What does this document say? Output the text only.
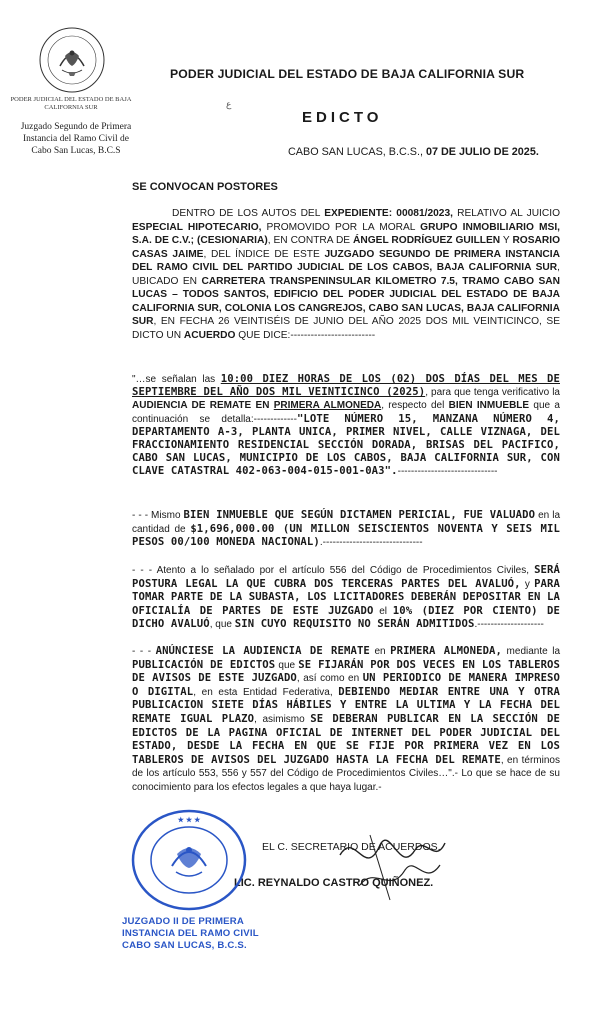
PODER JUDICIAL DEL ESTADO DE BAJA
CALIFORNIA SUR
Juzgado Segundo de Primera
Instancia del Ramo Civil de
Cabo San Lucas, B.C.S
PODER JUDICIAL DEL ESTADO DE BAJA CALIFORNIA SUR
ع
EDICTO
CABO SAN LUCAS, B.C.S., 07 DE JULIO DE 2025.
SE CONVOCAN POSTORES
DENTRO DE LOS AUTOS DEL EXPEDIENTE: 00081/2023, RELATIVO AL JUICIO ESPECIAL HIPOTECARIO, PROMOVIDO POR LA MORAL GRUPO INMOBILIARIO MSI, S.A. DE C.V.; (CESIONARIA), EN CONTRA DE ÁNGEL RODRÍGUEZ GUILLEN Y ROSARIO CASAS JAIME, DEL ÍNDICE DE ESTE JUZGADO SEGUNDO DE PRIMERA INSTANCIA DEL RAMO CIVIL DEL PARTIDO JUDICIAL DE LOS CABOS, BAJA CALIFORNIA SUR, UBICADO EN CARRETERA TRANSPENINSULAR KILOMETRO 7.5, TRAMO CABO SAN LUCAS – TODOS SANTOS, EDIFICIO DEL PODER JUDICIAL DEL ESTADO DE BAJA CALIFORNIA SUR, COLONIA LOS CANGREJOS, CABO SAN LUCAS, BAJA CALIFORNIA SUR, EN FECHA 26 VEINTISÉIS DE JUNIO DEL AÑO 2025 DOS MIL VEINTICINCO, SE DICTO UN ACUERDO QUE DICE:-------------------------
"…se señalan las 10:00 DIEZ HORAS DE LOS (02) DOS DÍAS DEL MES DE SEPTIEMBRE DEL AÑO DOS MIL VEINTICINCO (2025), para que tenga verificativo la AUDIENCIA DE REMATE EN PRIMERA ALMONEDA, respecto del BIEN INMUEBLE que a continuación se detalla:-------------"LOTE NÚMERO 15, MANZANA NÚMERO 4, DEPARTAMENTO A-3, PLANTA UNICA, PRIMER NIVEL, CALLE VIZNAGA, DEL FRACCIONAMIENTO RESIDENCIAL SECCIÓN DORADA, BRISAS DEL PACIFICO, CABO SAN LUCAS, MUNICIPIO DE LOS CABOS, BAJA CALIFORNIA SUR, CON CLAVE CATASTRAL 402-063-004-015-001-0A3".------------------------------
- - - Mismo BIEN INMUEBLE QUE SEGÚN DICTAMEN PERICIAL, FUE VALUADO en la cantidad de $1,696,000.00 (UN MILLON SEISCIENTOS NOVENTA Y SEIS MIL PESOS 00/100 MONEDA NACIONAL).------------------------------
- - - Atento a lo señalado por el artículo 556 del Código de Procedimientos Civiles, SERÁ POSTURA LEGAL LA QUE CUBRA DOS TERCERAS PARTES DEL AVALUÓ, y PARA TOMAR PARTE DE LA SUBASTA, LOS LICITADORES DEBERÁN DEPOSITAR EN LA OFICIALÍA DE PARTES DE ESTE JUZGADO el 10% (DIEZ POR CIENTO) DE DICHO AVALUÓ, que SIN CUYO REQUISITO NO SERÁN ADMITIDOS.--------------------
- - - ANÚNCIESE LA AUDIENCIA DE REMATE en PRIMERA ALMONEDA, mediante la PUBLICACIÓN DE EDICTOS que SE FIJARÁN POR DOS VECES EN LOS TABLEROS DE AVISOS DE ESTE JUZGADO, así como en UN PERIODICO DE MANERA IMPRESO O DIGITAL, en esta Entidad Federativa, DEBIENDO MEDIAR ENTRE UNA Y OTRA PUBLICACION SIETE DÍAS HÁBILES Y ENTRE LA ULTIMA Y LA FECHA DEL REMATE IGUAL PLAZO, asimismo SE DEBERAN PUBLICAR EN LA SECCIÓN DE EDICTOS DE LA PAGINA OFICIAL DE INTERNET DEL PODER JUDICIAL DEL ESTADO, DESDE LA FECHA EN QUE SE FIJE POR PRIMERA VEZ EN LOS TABLEROS DE AVISOS DEL JUZGADO HASTA LA FECHA DEL REMATE, en términos de los artículo 553, 556 y 557 del Código de Procedimientos Civiles…".- Lo que se hace de su conocimiento para los efectos legales a que haya lugar.-
EL C. SECRETARIO DE ACUERDOS.
LIC. REYNALDO CASTRO QUIÑONEZ.
★ ★ ★
JUZGADO II DE PRIMERA
INSTANCIA DEL RAMO CIVIL
CABO SAN LUCAS, B.C.S.
